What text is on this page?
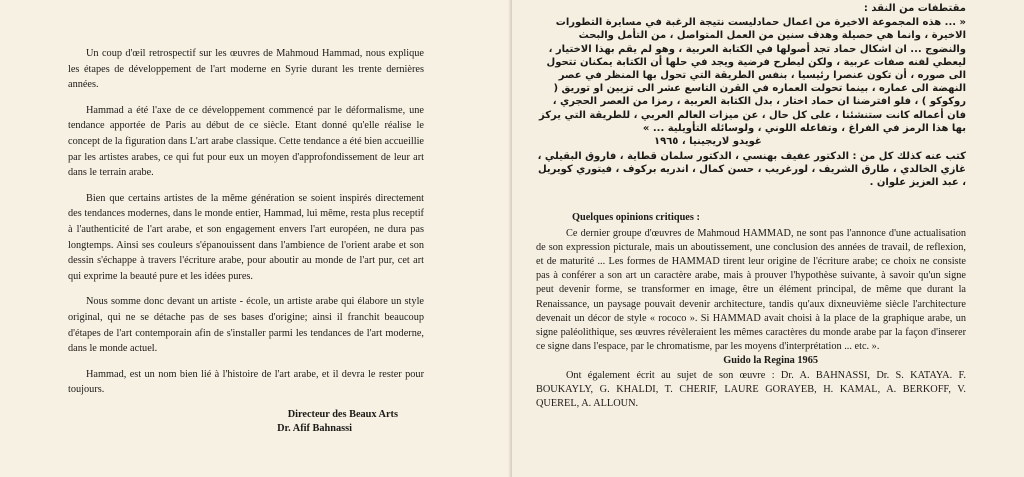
Un coup d'œil retrospectif sur les œuvres de Mahmoud Hammad, nous explique les étapes de développement de l'art moderne en Syrie durant les trente dernières années.

Hammad a été l'axe de ce développement commencé par le déformalisme, une tendance apportée de Paris au début de ce siècle. Etant donné qu'elle réalise le concept de la figuration dans L'art arabe classique. Cette tendance a été bien accueillie par les artistes arabes, ce qui fut pour eux un moyen d'approfondissement de leur art dans le terrain arabe.

Bien que certains artistes de la même génération se soient inspirés directement des tendances modernes, dans le monde entier, Hammad, lui même, resta plus receptif à l'authenticité de l'art arabe, et son engagement envers l'art européen, ne dura pas longtemps. Ainsi ses couleurs s'épanouissent dans l'ambience de l'orient arabe et son dessin s'échappe à travers l'écriture arabe, pour aboutir au monde de l'art pur, cet art qui exprime la beauté pure et les idées pures.

Nous somme donc devant un artiste - école, un artiste arabe qui élabore un style original, qui ne se détache pas de ses bases d'origine; ainsi il franchit beaucoup d'étapes de l'art contemporain afin de s'installer parmi les tendances de l'art moderne, dans le monde actuel.

Hammad, est un nom bien lié à l'histoire de l'art arabe, et il devra le rester pour toujours.

Directeur des Beaux Arts
Dr. Afif Bahnassi
مقتطفات من النقد :

« ... هذه المجموعة الاخيرة من اعمال حمادليست نتيجة الرغبة في مسايرة التطورات الاخيرة ، وانما هي حصيلة وهدف سنين من العمل المتواصل ، من التأمل والبحث والنضوج ... ان اشكال حماد تجد أصولها في الكتابة العربية ، وهو لم يقم بهذا الاختيار ، ليعطي لفنه صفات عربية ، ولكن ليطرح فرضية ويجد في حلها أن الكتابة يمكنان تتحول الى صوره ، أن تكون عنصرا رئيسيا ، بنفس الطريقة التي تحول بها المنظر في عصر النهضة الى عماره ، بينما تحولت العماره في القرن التاسع عشر الى تزيين او توريق ( روكوكو ) ، فلو افترضنا ان حماد اختار ، بدل الكتابة العربية ، رمزا من العصر الحجري ، فان أعماله كانت ستنشئنا ، على كل حال ، عن ميزات العالم العربي ، للطريقة التي يركز بها هذا الرمز في الفراغ ، وتفاعله اللوني ، ولوسائله التأويلية ... »

غويدو لاريجينيا ، ١٩٦٥
كتب عنه كذلك كل من : الدكتور عفيف بهنسي ، الدكتور سلمان قطاية ، فاروق البقيلي ، غازي الخالدي ، طارق الشريف ، لورغريب ، حسن كمال ، اندريه بركوف ، فيتوري كويريل ، عبد العزيز علوان .
Quelques opinions critiques :

Ce dernier groupe d'œuvres de Mahmoud HAMMAD, ne sont pas l'annonce d'une actualisation de son expression picturale, mais un aboutissement, une conclusion des années de travail, de reflexion, et de maturité ... Les formes de HAMMAD tirent leur origine de l'écriture arabe; ce choix ne consiste pas à conférer a son art un caractère arabe, mais à prouver l'hypothèse suivante, à savoir qu'un signe peut devenir forme, se transformer en image, être un élément principal, de même que durant la Renaissance, un paysage pouvait devenir architecture, tandis qu'aux dixneuvième siècle l'architecture devenait un décor de style « rococo ». Si HAMMAD avait choisi à la place de la graphique arabe, un signe paléolithique, ses œuvres révèleraient les mêmes caractères du monde arabe par la façon d'inserer ce signe dans l'espace, par le chromatisme, par les moyens d'interprétation ... etc. ».

Guido la Regina 1965

Ont également écrit au sujet de son œuvre : Dr. A. BAHNASSI, Dr. S. KATAYA. F. BOUKAYLY, G. KHALDI, T. CHERIF, LAURE GORAYEB, H. KAMAL, A. BERKOFF, V. QUEREL, A. ALLOUN.
